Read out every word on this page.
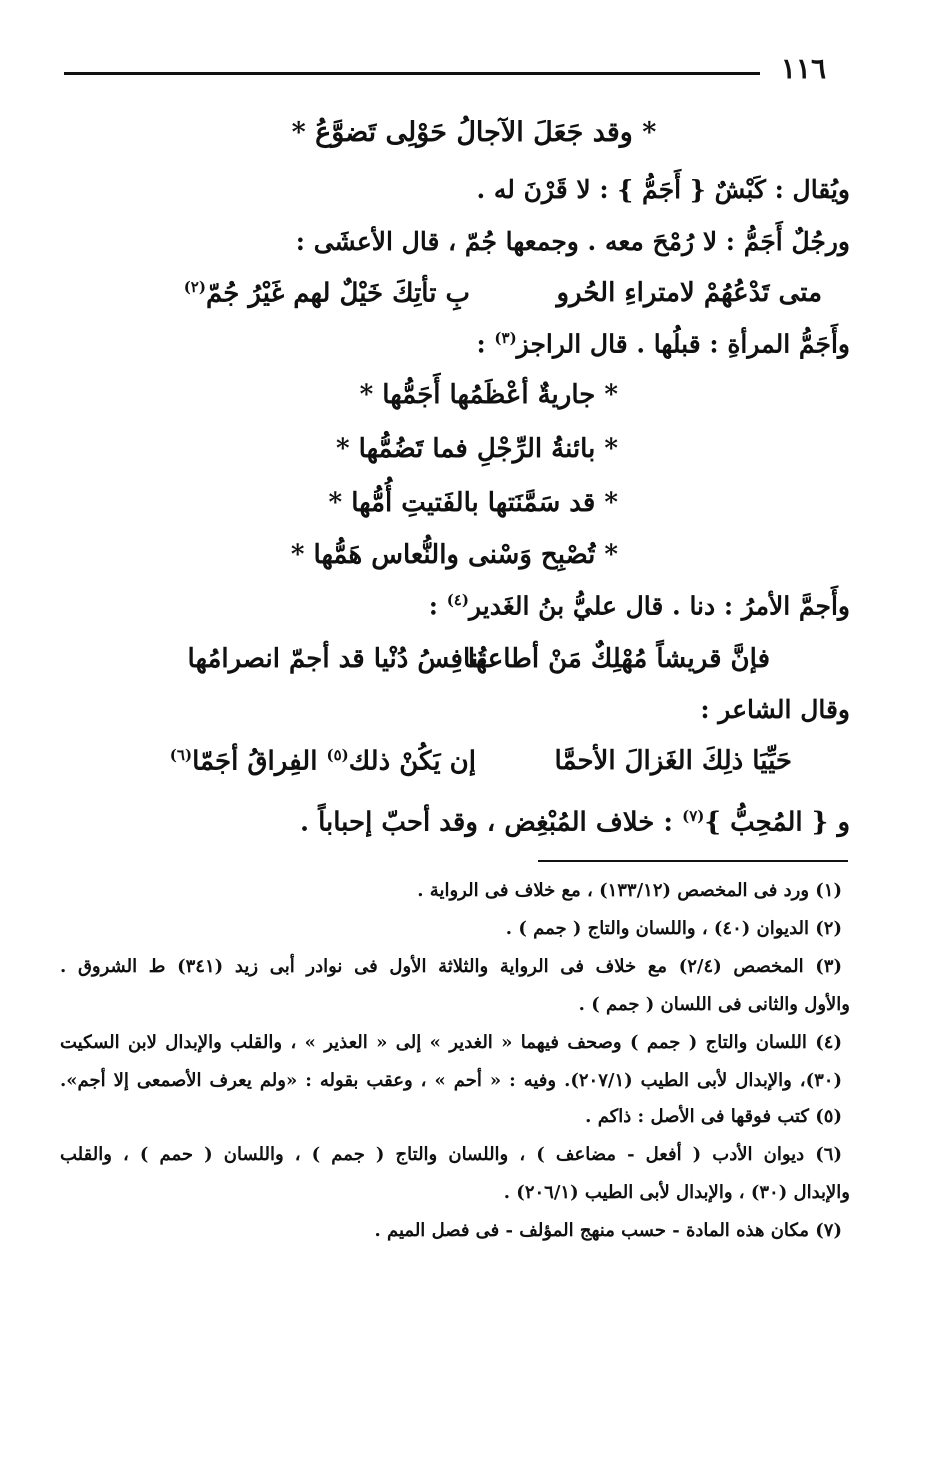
١١٦
* وقد جَعَلَ الآجالُ حَوْلِى تَضوَّعُ *
ويُقال : كَبْشٌ { أَجَمُّ } : لا قَرْنَ له .
ورجُلٌ أَجَمُّ : لا رُمْحَ معه . وجمعها جُمّ ، قال الأعشَى :
متى تَدْعُهُمْ لامتراءِ الحُرو
بِ تأتِكَ خَيْلٌ لهم غَيْرُ جُمّ$^{(٢)}$
وأَجَمُّ المرأةِ : قبلُها . قال الراجز$^{(٣)}$ :
* جاريةٌ أعْظَمُها أَجَمُّها *
* بائنةُ الرِّجْلِ فما تَضُمُّها *
* قد سَمَّنَتها بالفَتيتِ أُمُّها *
* تُصْبِح وَسْنى والنُّعاس هَمُّها *
وأَجمَّ الأمرُ : دنا . قال عليُّ بنُ الغَدير$^{(٤)}$ :
فإنَّ قريشاً مُهْلِكٌ مَنْ أطاعها
تُنافِسُ دُنْيا قد أجمّ انصرامُها
وقال الشاعر :
حَيِّيَا ذلِكَ الغَزالَ الأحمَّا
إن يَكُنْ ذلك$^{(٥)}$ الفِراقُ أجَمّا$^{(٦)}$
و { المُحِبُّ }$^{(٧)}$ : خلاف المُبْغِض ، وقد أحبّ إحباباً .
(١) ورد فى المخصص (١٣٣/١٢) ، مع خلاف فى الرواية .
(٢) الديوان (٤٠) ، واللسان والتاج ( جمم ) .
(٣) المخصص (٢/٤) مع خلاف فى الرواية والثلاثة الأول فى نوادر أبى زيد (٣٤١) ط الشروق .
والأول والثانى فى اللسان ( جمم ) .
(٤) اللسان والتاج ( جمم ) وصحف فيهما « الغدير » إلى « العذير » ، والقلب والإبدال لابن السكيت
(٣٠)، والإبدال لأبى الطيب (٢٠٧/١). وفيه : « أحم » ، وعقب بقوله : «ولم يعرف الأصمعى إلا أجم».
(٥) كتب فوقها فى الأصل : ذاكم .
(٦) ديوان الأدب ( أفعل - مضاعف ) ، واللسان والتاج ( جمم ) ، واللسان ( حمم ) ، والقلب
والإبدال (٣٠) ، والإبدال لأبى الطيب (٢٠٦/١) .
(٧) مكان هذه المادة - حسب منهج المؤلف - فى فصل الميم .
